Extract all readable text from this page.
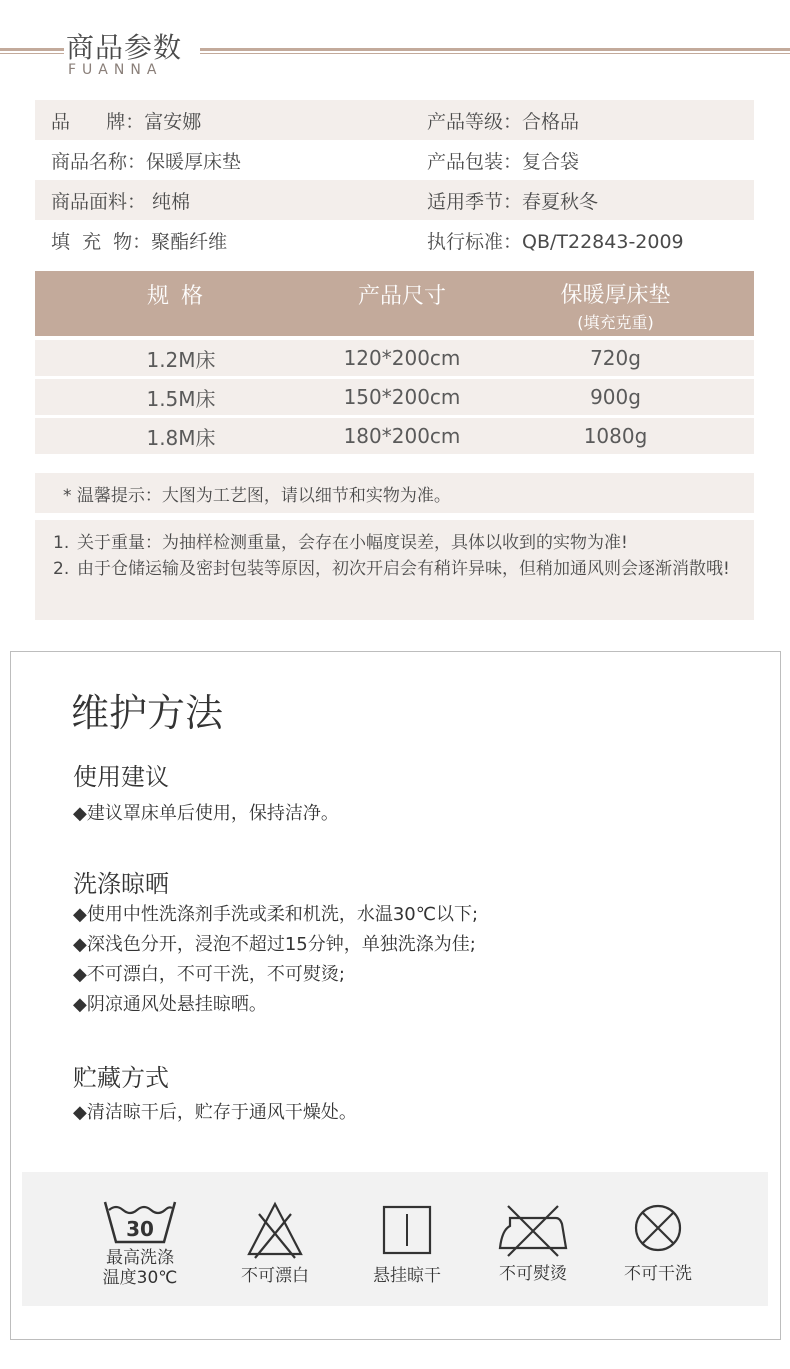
商品参数
FUANNA
品      牌：富安娜	产品等级：合格品
商品名称：保暖厚床垫	产品包装：复合袋
商品面料： 纯棉	适用季节：春夏秋冬
填  充  物：聚酯纤维	执行标准：QB/T22843-2009
规格	产品尺寸	保暖厚床垫
(填充克重)
1.2M床	120*200cm	720g
1.5M床	150*200cm	900g
1.8M床	180*200cm	1080g
* 温馨提示：大图为工艺图，请以细节和实物为准。
1. 关于重量：为抽样检测重量，会存在小幅度误差，具体以收到的实物为准!
2. 由于仓储运输及密封包装等原因，初次开启会有稍许异味，但稍加通风则会逐渐消散哦!
维护方法
使用建议
◆建议罩床单后使用，保持洁净。
洗涤晾晒
◆使用中性洗涤剂手洗或柔和机洗，水温30℃以下;
◆深浅色分开，浸泡不超过15分钟，单独洗涤为佳;
◆不可漂白，不可干洗，不可熨烫;
◆阴凉通风处悬挂晾晒。
贮藏方式
◆清洁晾干后，贮存于通风干燥处。
30
最高洗涤
温度30℃	不可漂白	悬挂晾干	不可熨烫	不可干洗
